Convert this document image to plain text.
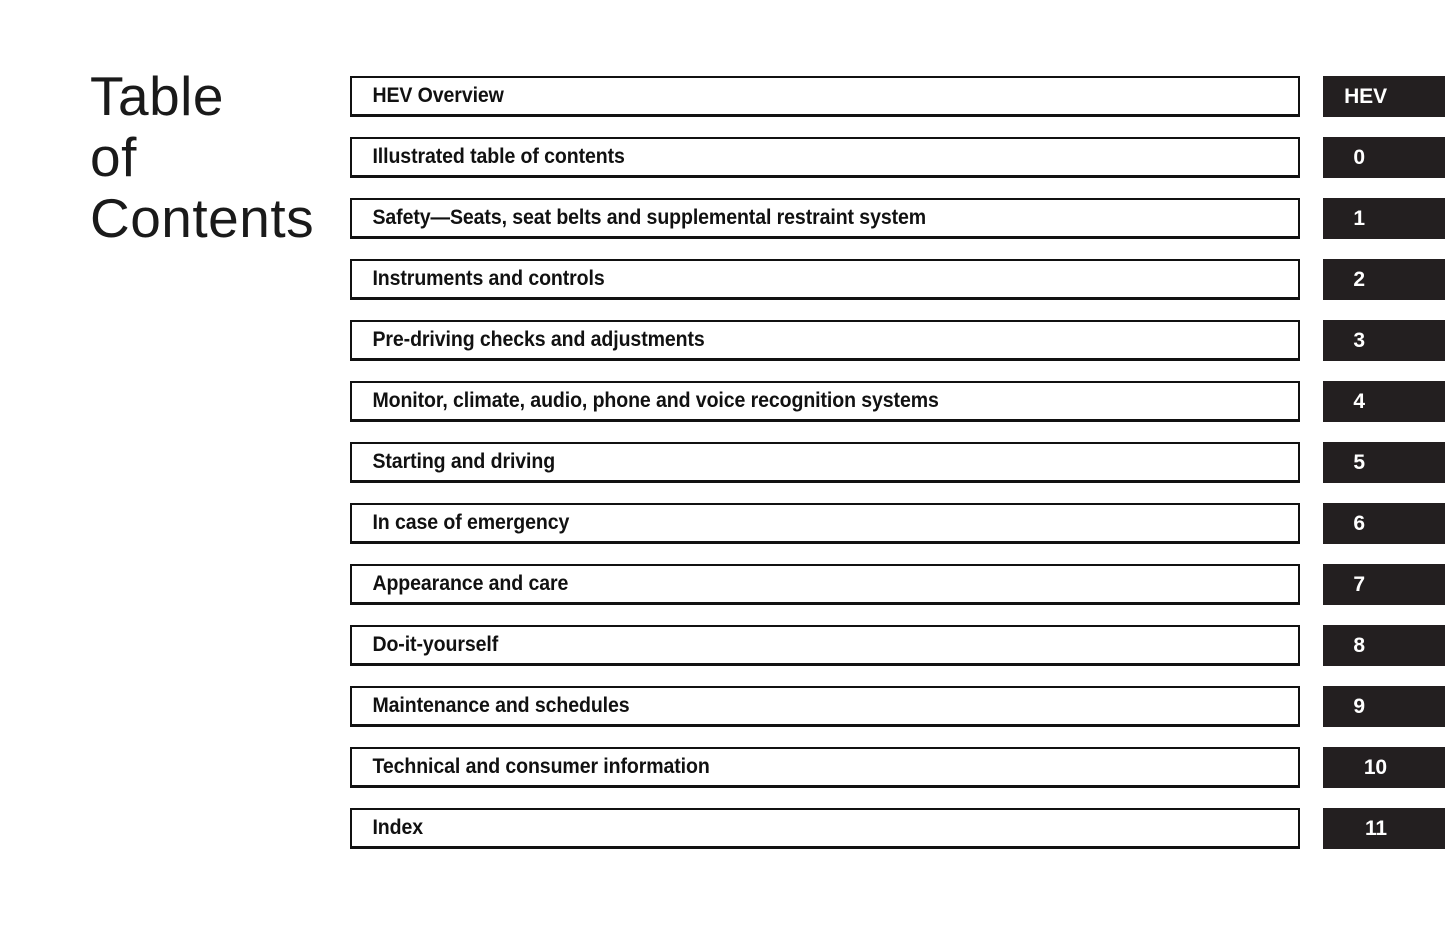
Table
of
Contents
HEV Overview	HEV
Illustrated table of contents	0
Safety—Seats, seat belts and supplemental restraint system	1
Instruments and controls	2
Pre-driving checks and adjustments	3
Monitor, climate, audio, phone and voice recognition systems	4
Starting and driving	5
In case of emergency	6
Appearance and care	7
Do-it-yourself	8
Maintenance and schedules	9
Technical and consumer information	10
Index	11
